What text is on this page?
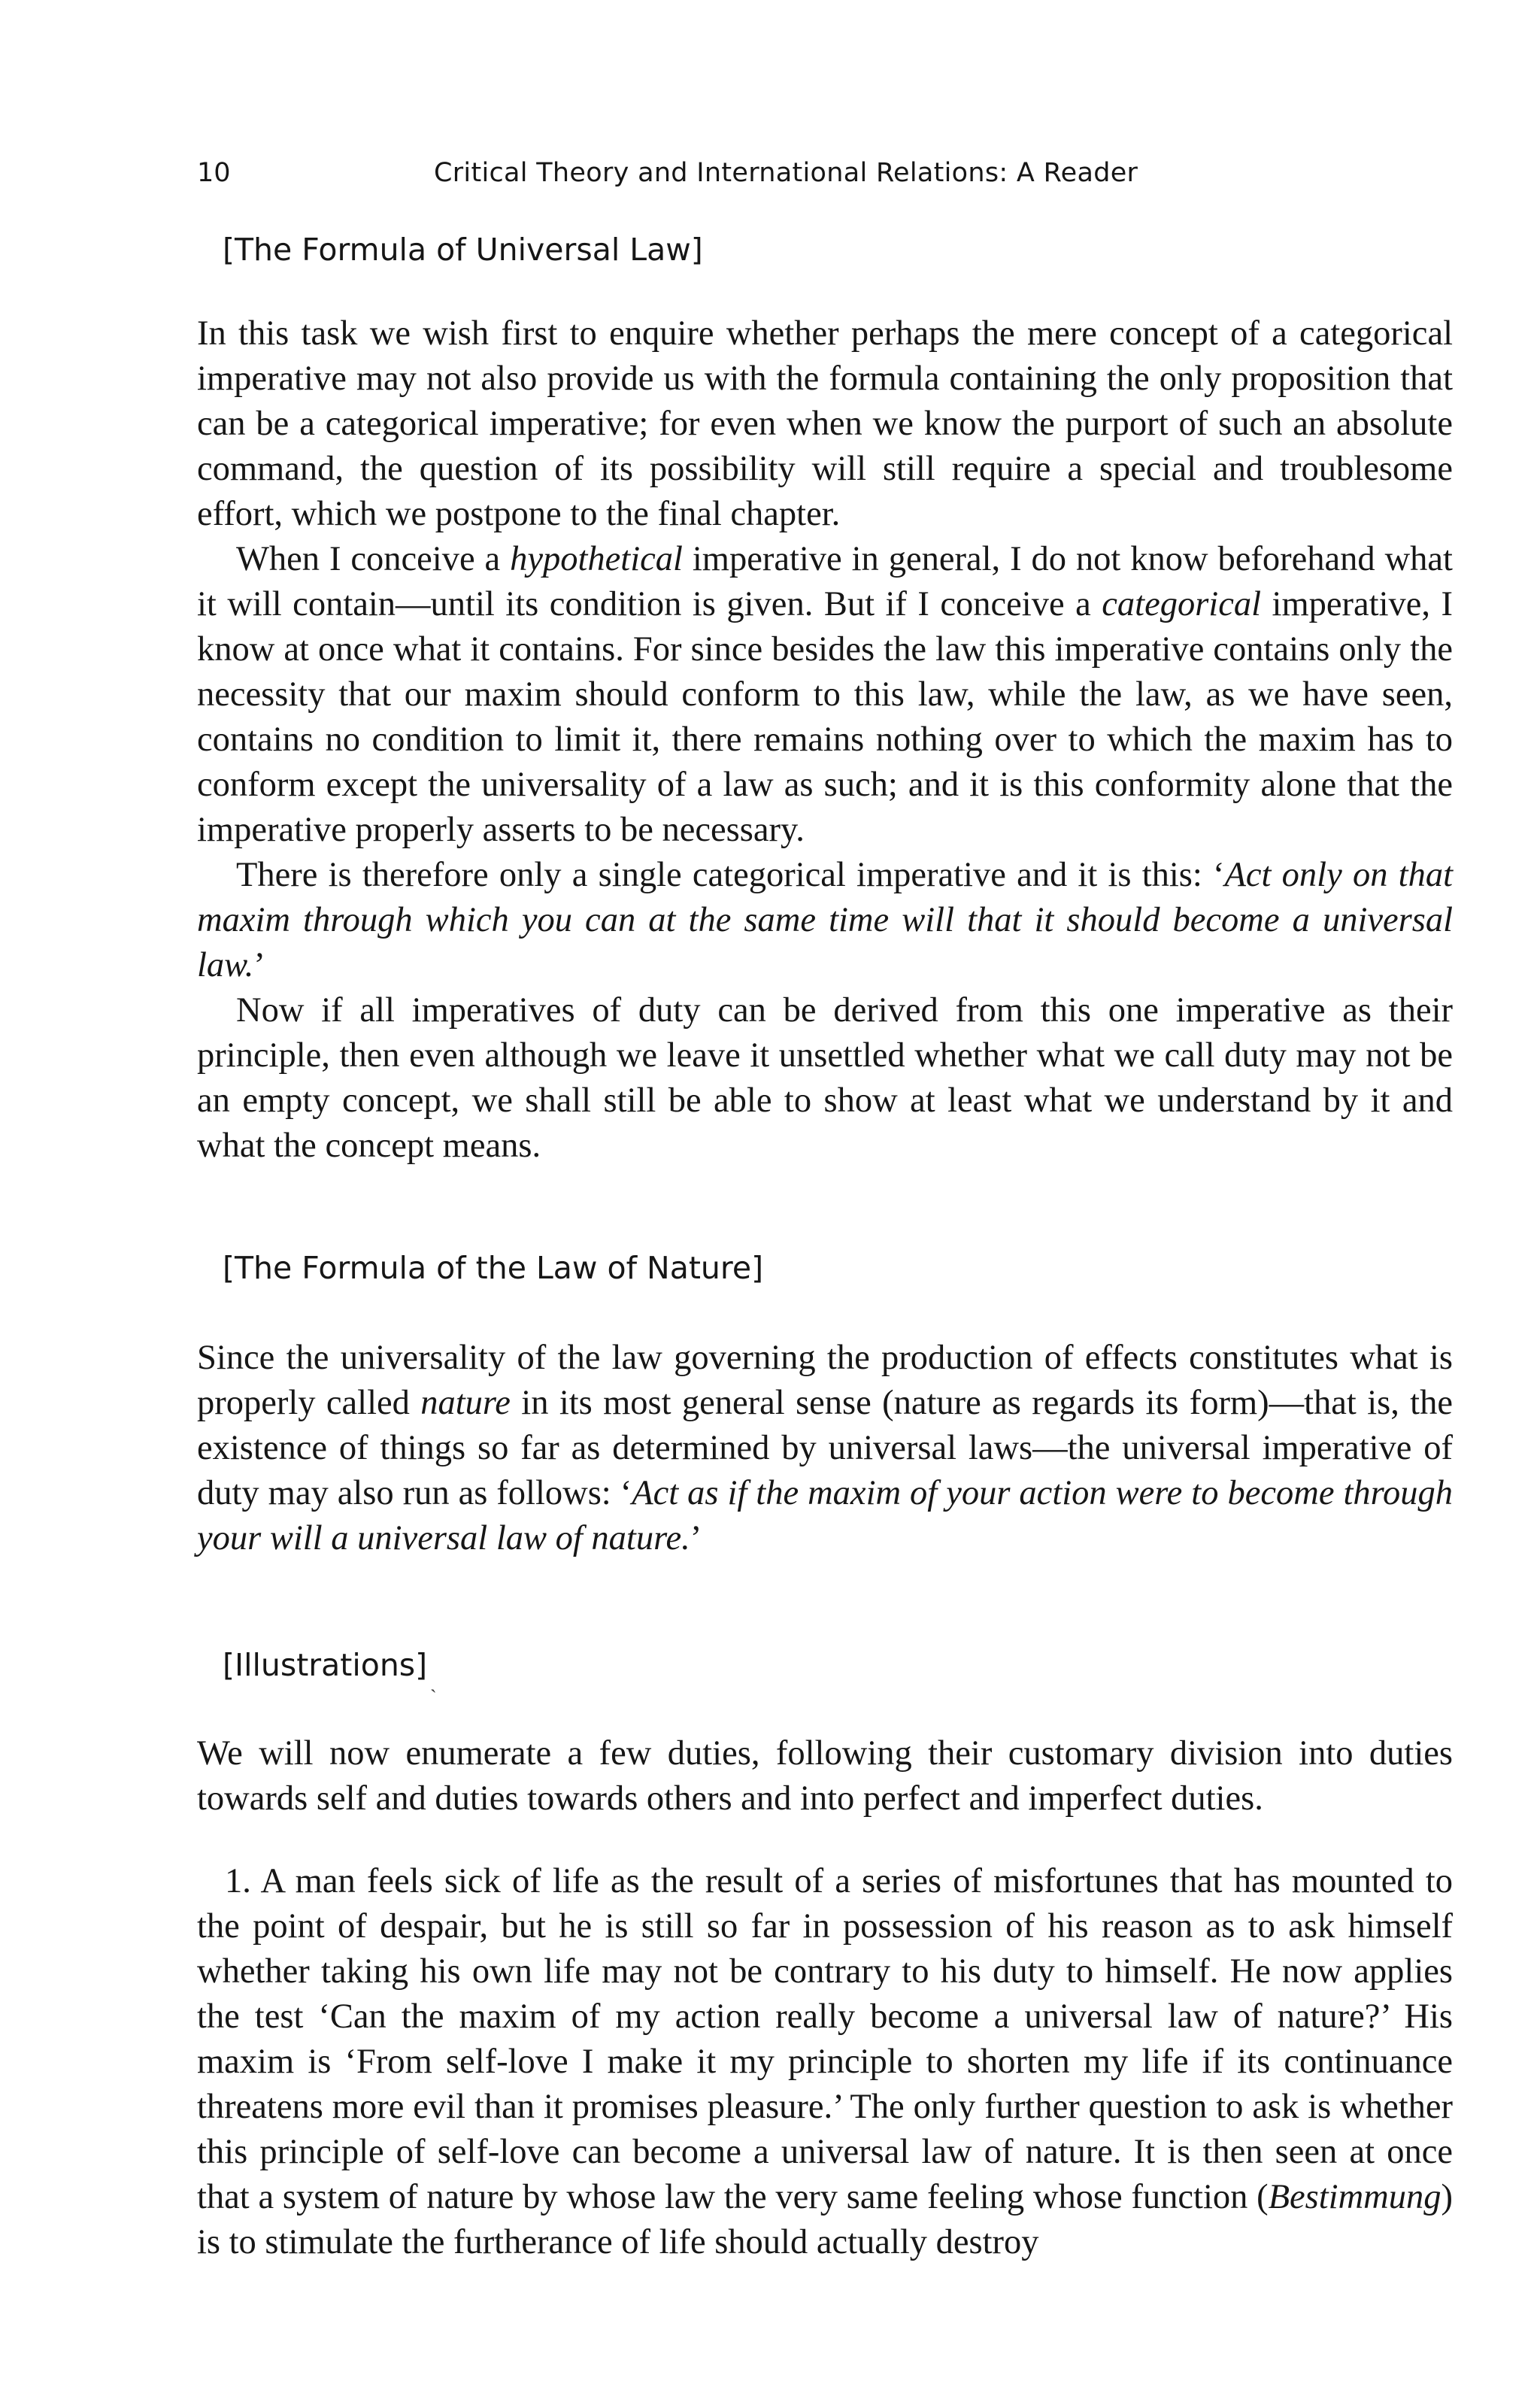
10	Critical Theory and International Relations: A Reader
[The Formula of Universal Law]

In this task we wish first to enquire whether perhaps the mere concept of a categorical imperative may not also provide us with the formula containing the only proposition that can be a categorical imperative; for even when we know the purport of such an absolute command, the question of its possibility will still require a special and troublesome effort, which we postpone to the final chapter.

When I conceive a hypothetical imperative in general, I do not know beforehand what it will contain—until its condition is given. But if I conceive a categorical imperative, I know at once what it contains. For since besides the law this imperative contains only the necessity that our maxim should conform to this law, while the law, as we have seen, contains no condition to limit it, there remains nothing over to which the maxim has to conform except the universality of a law as such; and it is this conformity alone that the imperative properly asserts to be necessary.

There is therefore only a single categorical imperative and it is this: ‘Act only on that maxim through which you can at the same time will that it should become a universal law.’

Now if all imperatives of duty can be derived from this one imperative as their principle, then even although we leave it unsettled whether what we call duty may not be an empty concept, we shall still be able to show at least what we understand by it and what the concept means.

[The Formula of the Law of Nature]

Since the universality of the law governing the production of effects constitutes what is properly called nature in its most general sense (nature as regards its form)—that is, the existence of things so far as determined by universal laws—the universal imperative of duty may also run as follows: ‘Act as if the maxim of your action were to become through your will a universal law of nature.’

[Illustrations] ˏ

We will now enumerate a few duties, following their customary division into duties towards self and duties towards others and into perfect and imperfect duties.

1. A man feels sick of life as the result of a series of misfortunes that has mounted to the point of despair, but he is still so far in possession of his reason as to ask himself whether taking his own life may not be contrary to his duty to himself. He now applies the test ‘Can the maxim of my action really become a universal law of nature?’ His maxim is ‘From self-love I make it my principle to shorten my life if its continuance threatens more evil than it promises pleasure.’ The only further question to ask is whether this principle of self-love can become a universal law of nature. It is then seen at once that a system of nature by whose law the very same feeling whose function (Bestimmung) is to stimulate the furtherance of life should actually destroy
